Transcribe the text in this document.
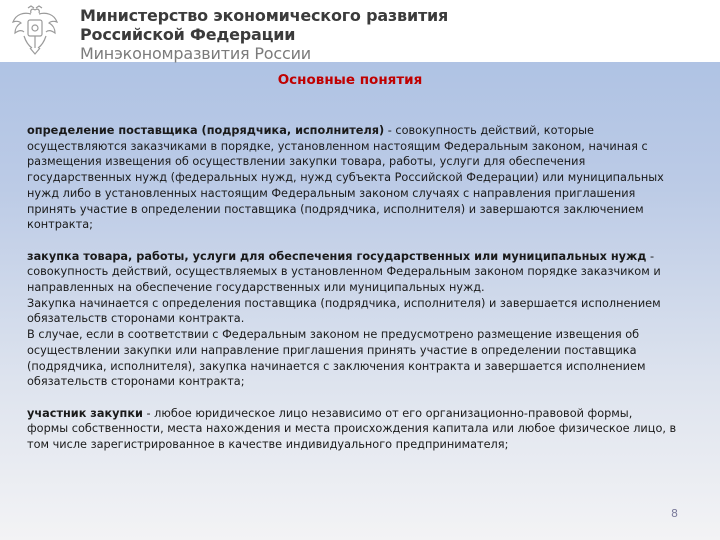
Министерство экономического развития
Российской Федерации
Минэкономразвития России
Основные понятия

определение поставщика (подрядчика, исполнителя) - совокупность действий, которые осуществляются заказчиками в порядке, установленном настоящим Федеральным законом, начиная с размещения извещения об осуществлении закупки товара, работы, услуги для обеспечения государственных нужд (федеральных нужд, нужд субъекта Российской Федерации) или муниципальных нужд либо в установленных настоящим Федеральным законом случаях с направления приглашения принять участие в определении поставщика (подрядчика, исполнителя) и завершаются заключением контракта;

закупка товара, работы, услуги для обеспечения государственных или муниципальных нужд - совокупность действий, осуществляемых в установленном Федеральным законом порядке заказчиком и направленных на обеспечение государственных или муниципальных нужд.

Закупка начинается с определения поставщика (подрядчика, исполнителя) и завершается исполнением обязательств сторонами контракта.

В случае, если в соответствии с Федеральным законом не предусмотрено размещение извещения об осуществлении закупки или направление приглашения принять участие в определении поставщика (подрядчика, исполнителя), закупка начинается с заключения контракта и завершается исполнением обязательств сторонами контракта;

участник закупки - любое юридическое лицо независимо от его организационно-правовой формы, формы собственности, места нахождения и места происхождения капитала или любое физическое лицо, в том числе зарегистрированное в качестве индивидуального предпринимателя;

8
